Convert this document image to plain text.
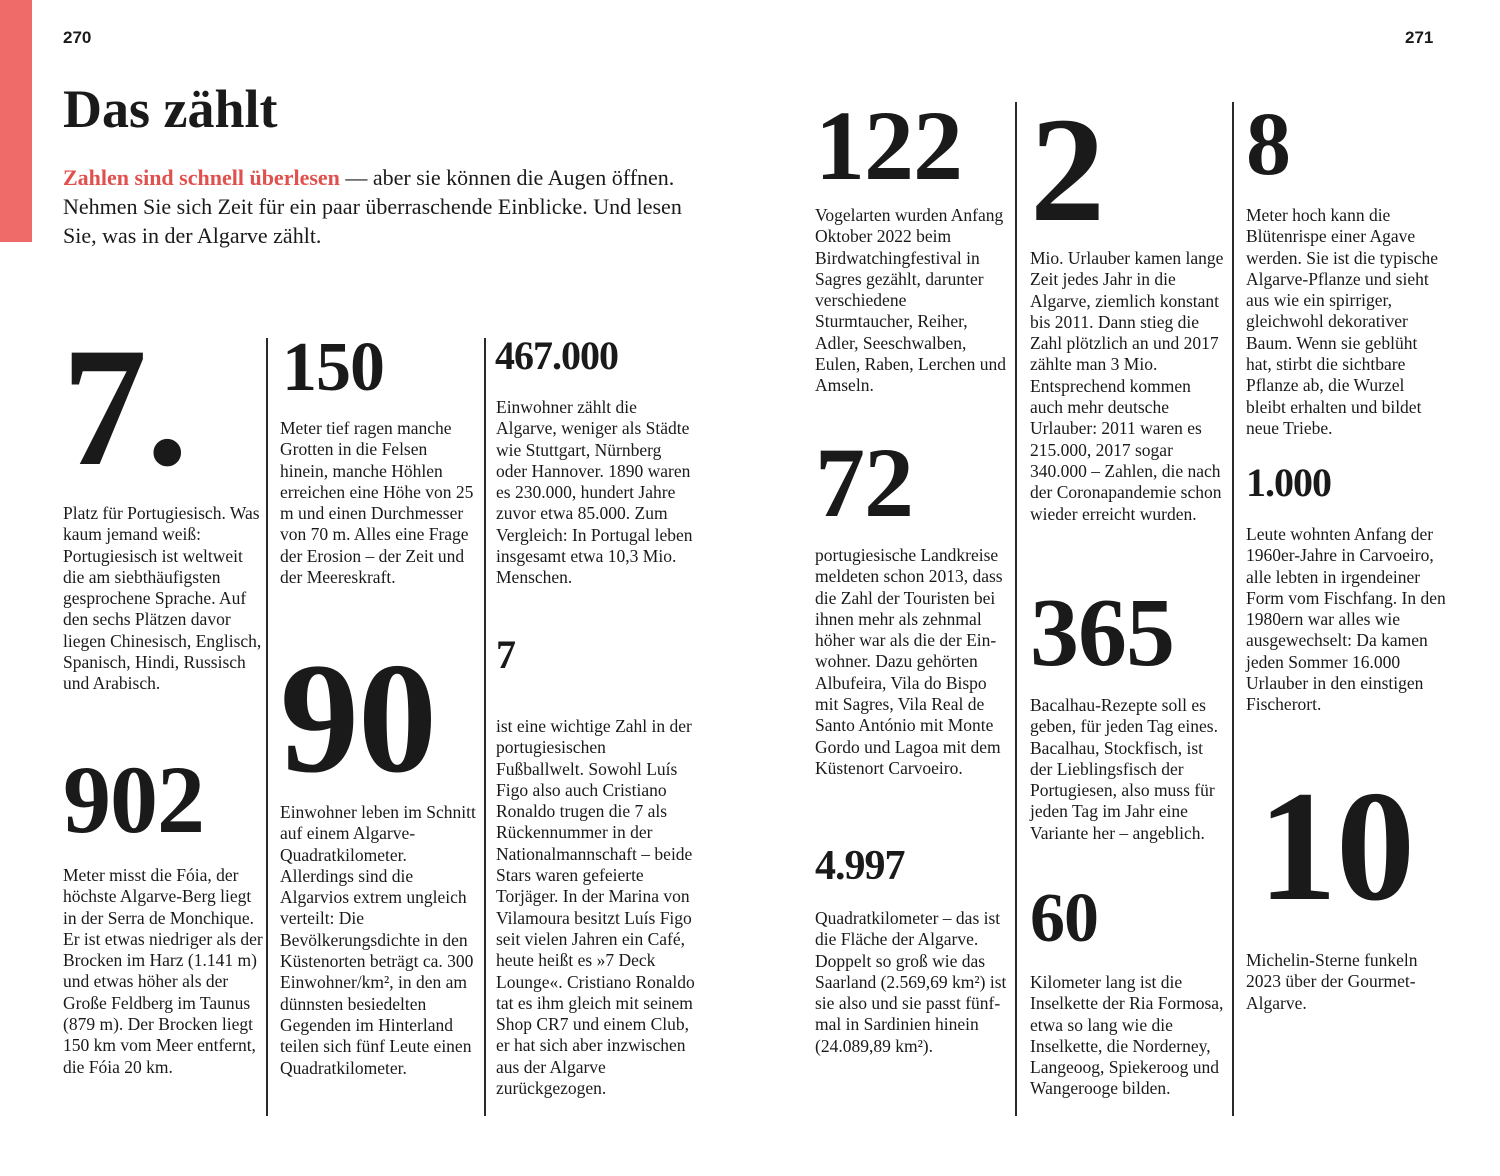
270	271
Das zählt

Zahlen sind schnell überlesen — aber sie können die Augen öffnen. Nehmen Sie sich Zeit für ein paar überraschende Einblicke. Und lesen Sie, was in der Algarve zählt.

7.

Platz für Portugiesisch. Was kaum jemand weiß: Portugiesisch ist weltweit die am siebthäufigsten gesprochene Sprache. Auf den sechs Plätzen davor liegen Chinesisch, Englisch, Spanisch, Hindi, Russisch und Arabisch.

902

Meter misst die Fóia, der höchste Algarve-Berg liegt in der Serra de Monchique. Er ist etwas niedriger als der Brocken im Harz (1.141 m) und etwas höher als der Große Feldberg im Taunus (879 m). Der Brocken liegt 150 km vom Meer entfernt, die Fóia 20 km.

150

Meter tief ragen manche Grotten in die Felsen hinein, manche Höhlen erreichen eine Höhe von 25 m und einen Durchmesser von 70 m. Alles eine Frage der Erosion – der Zeit und der Meereskraft.

90

Einwohner leben im Schnitt auf einem Algarve-Quadratkilometer. Allerdings sind die Algarvios extrem ungleich verteilt: Die Bevölkerungsdichte in den Küstenorten beträgt ca. 300 Einwohner/km², in den am dünnsten besiedelten Gegenden im Hinterland teilen sich fünf Leute einen Quadratkilometer.

467.000

Einwohner zählt die Algarve, weniger als Städte wie Stuttgart, Nürnberg oder Hannover. 1890 waren es 230.000, hundert Jahre zuvor etwa 85.000. Zum Vergleich: In Portugal leben insgesamt etwa 10,3 Mio. Menschen.

7

ist eine wichtige Zahl in der portugiesischen Fußballwelt. Sowohl Luís Figo also auch Cristiano Ronaldo trugen die 7 als Rückennummer in der Nationalmannschaft – beide Stars waren gefeierte Torjäger. In der Marina von Vilamoura besitzt Luís Figo seit vielen Jahren ein Café, heute heißt es »7 Deck Lounge«. Cristiano Ronaldo tat es ihm gleich mit seinem Shop CR7 und einem Club, er hat sich aber inzwischen aus der Algarve zurückgezogen.

122

Vogelarten wurden Anfang Oktober 2022 beim Birdwatchingfestival in Sagres gezählt, darunter verschiedene Sturmtaucher, Reiher, Adler, Seeschwalben, Eulen, Raben, Lerchen und Amseln.

72

portugiesische Landkreise meldeten schon 2013, dass die Zahl der Touristen bei ihnen mehr als zehnmal höher war als die der Einwohner. Dazu gehörten Albufeira, Vila do Bispo mit Sagres, Vila Real de Santo António mit Monte Gordo und Lagoa mit dem Küstenort Carvoeiro.

4.997

Quadratkilometer – das ist die Fläche der Algarve. Doppelt so groß wie das Saarland (2.569,69 km²) ist sie also und sie passt fünfmal in Sardinien hinein (24.089,89 km²).

2

Mio. Urlauber kamen lange Zeit jedes Jahr in die Algarve, ziemlich konstant bis 2011. Dann stieg die Zahl plötzlich an und 2017 zählte man 3 Mio. Entsprechend kommen auch mehr deutsche Urlauber: 2011 waren es 215.000, 2017 sogar 340.000 – Zahlen, die nach der Coronapandemie schon wieder erreicht wurden.

365

Bacalhau-Rezepte soll es geben, für jeden Tag eines. Bacalhau, Stockfisch, ist der Lieblingsfisch der Portugiesen, also muss für jeden Tag im Jahr eine Variante her – angeblich.

60

Kilometer lang ist die Inselkette der Ria Formosa, etwa so lang wie die Inselkette, die Norderney, Langeoog, Spiekeroog und Wangerooge bilden.

8

Meter hoch kann die Blütenrispe einer Agave werden. Sie ist die typische Algarve-Pflanze und sieht aus wie ein spirriger, gleichwohl dekorativer Baum. Wenn sie geblüht hat, stirbt die sichtbare Pflanze ab, die Wurzel bleibt erhalten und bildet neue Triebe.

1.000

Leute wohnten Anfang der 1960er-Jahre in Carvoeiro, alle lebten in irgendeiner Form vom Fischfang. In den 1980ern war alles wie ausgewechselt: Da kamen jeden Sommer 16.000 Urlauber in den einstigen Fischerort.

10

Michelin-Sterne funkeln 2023 über der Gourmet-Algarve.
